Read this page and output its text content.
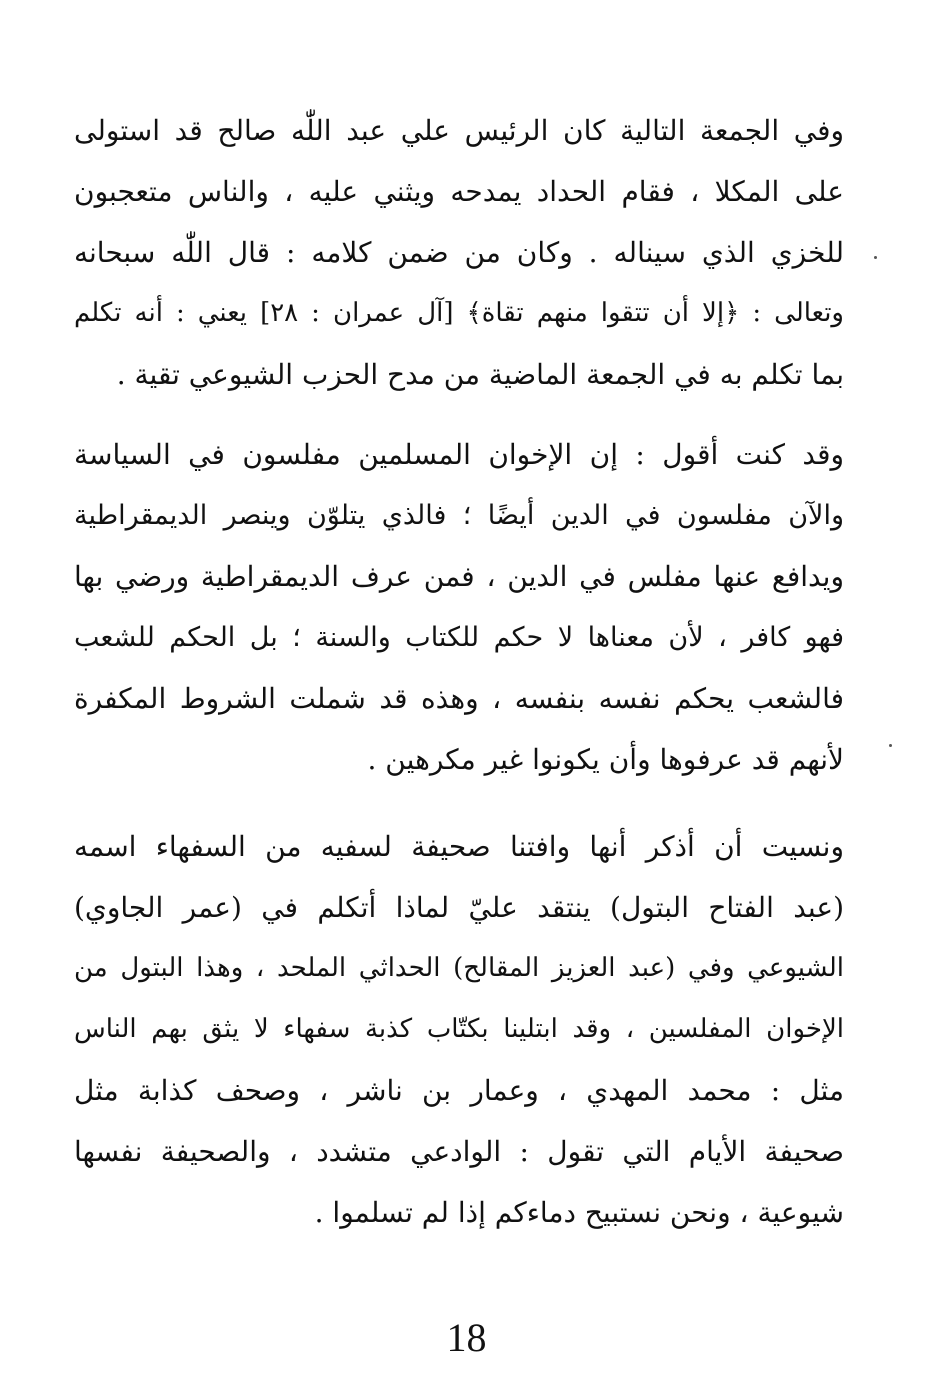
وفي الجمعة التالية كان الرئيس علي عبد اللّٰه صالح قد استولى
على المكلا ، فقام الحداد يمدحه ويثني عليه ، والناس متعجبون
للخزي الذي سيناله . وكان من ضمن كلامه : قال اللّٰه سبحانه
وتعالى : ﴿إلا أن تتقوا منهم تقاة﴾ [آل عمران : ٢٨] يعني : أنه تكلم
بما تكلم به في الجمعة الماضية من مدح الحزب الشيوعي تقية .
وقد كنت أقول : إن الإخوان المسلمين مفلسون في السياسة
والآن مفلسون في الدين أيضًا ؛ فالذي يتلوّن وينصر الديمقراطية
ويدافع عنها مفلس في الدين ، فمن عرف الديمقراطية ورضي بها
فهو كافر ، لأن معناها لا حكم للكتاب والسنة ؛ بل الحكم للشعب
فالشعب يحكم نفسه بنفسه ، وهذه قد شملت الشروط المكفرة
لأنهم قد عرفوها وأن يكونوا غير مكرهين .
ونسيت أن أذكر أنها وافتنا صحيفة لسفيه من السفهاء اسمه
(عبد الفتاح البتول) ينتقد عليّ لماذا أتكلم في (عمر الجاوي)
الشيوعي وفي (عبد العزيز المقالح) الحداثي الملحد ، وهذا البتول من
الإخوان المفلسين ، وقد ابتلينا بكتّاب كذبة سفهاء لا يثق بهم الناس
مثل : محمد المهدي ، وعمار بن ناشر ، وصحف كذابة مثل
صحيفة الأيام التي تقول : الوادعي متشدد ، والصحيفة نفسها
شيوعية ، ونحن نستبيح دماءكم إذا لم تسلموا .
18
